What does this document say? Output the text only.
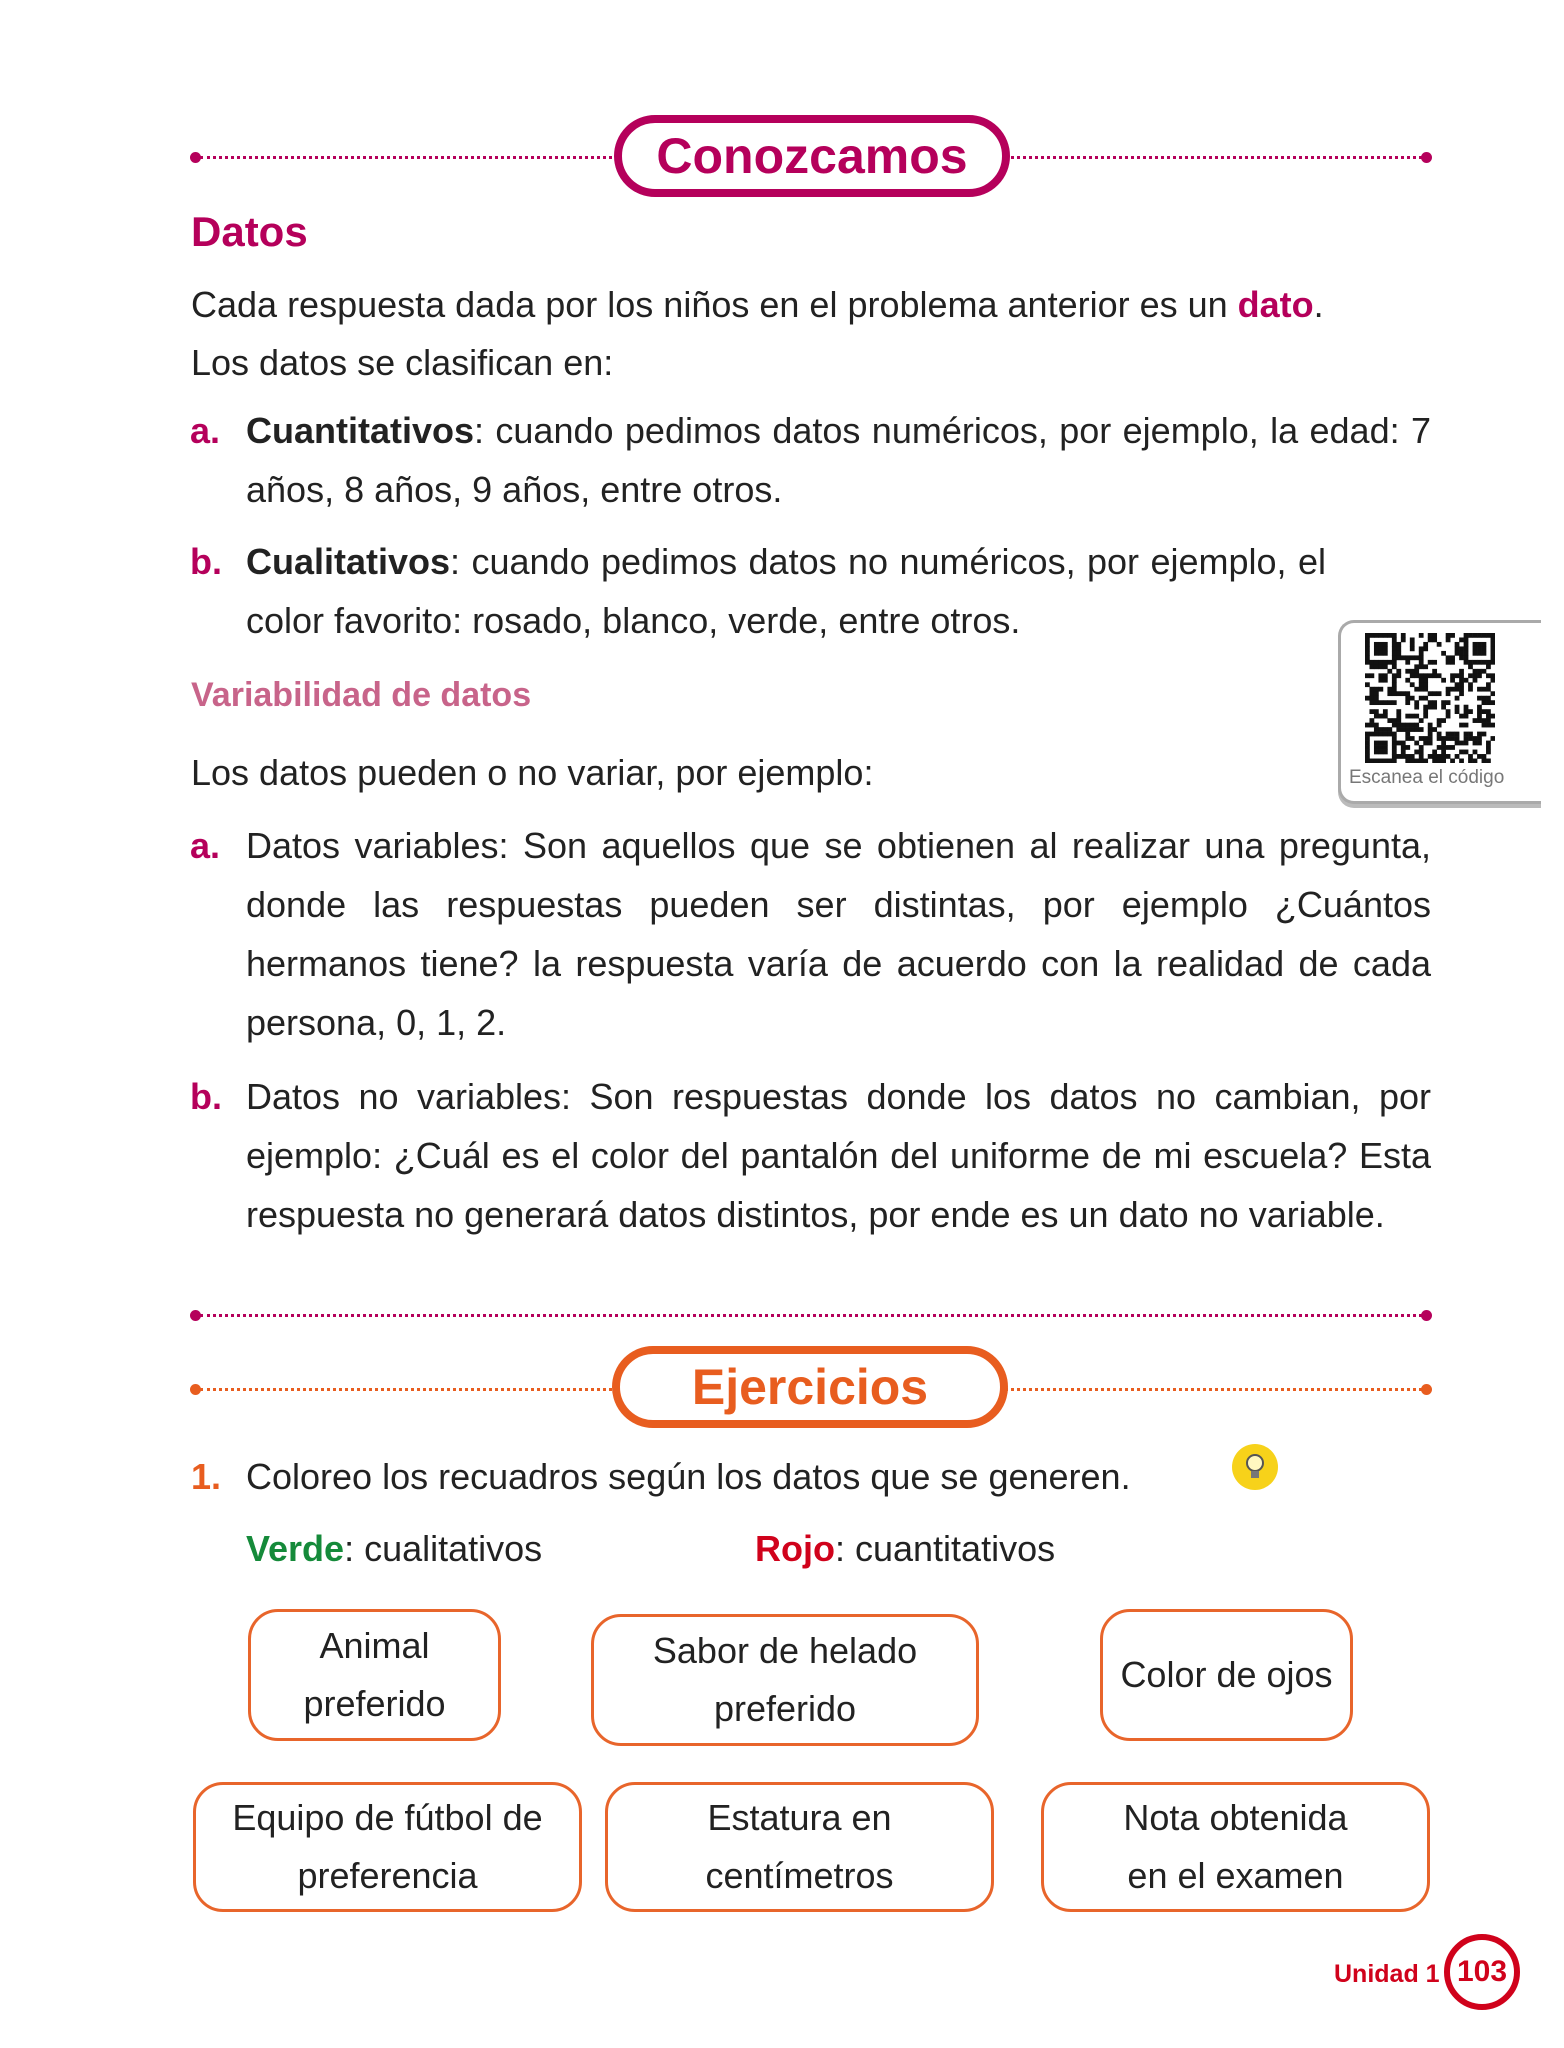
Conozcamos
Datos
Cada respuesta dada por los niños en el problema anterior es un dato.
Los datos se clasifican en:
a. Cuantitativos: cuando pedimos datos numéricos, por ejemplo, la edad: 7 años, 8 años, 9 años, entre otros.
b. Cualitativos: cuando pedimos datos no numéricos, por ejemplo, el color favorito: rosado, blanco, verde, entre otros.
Escanea el código
Variabilidad de datos
Los datos pueden o no variar, por ejemplo:
a. Datos variables: Son aquellos que se obtienen al realizar una pregunta, donde las respuestas pueden ser distintas, por ejemplo ¿Cuántos hermanos tiene? la respuesta varía de acuerdo con la realidad de cada persona, 0, 1, 2.
b. Datos no variables: Son respuestas donde los datos no cambian, por ejemplo: ¿Cuál es el color del pantalón del uniforme de mi escuela? Esta respuesta no generará datos distintos, por ende es un dato no variable.
Ejercicios
1. Coloreo los recuadros según los datos que se generen.
Verde: cualitativos	Rojo: cuantitativos
Animal preferido
Sabor de helado preferido
Color de ojos
Equipo de fútbol de preferencia
Estatura en centímetros
Nota obtenida en el examen
Unidad 1 103
